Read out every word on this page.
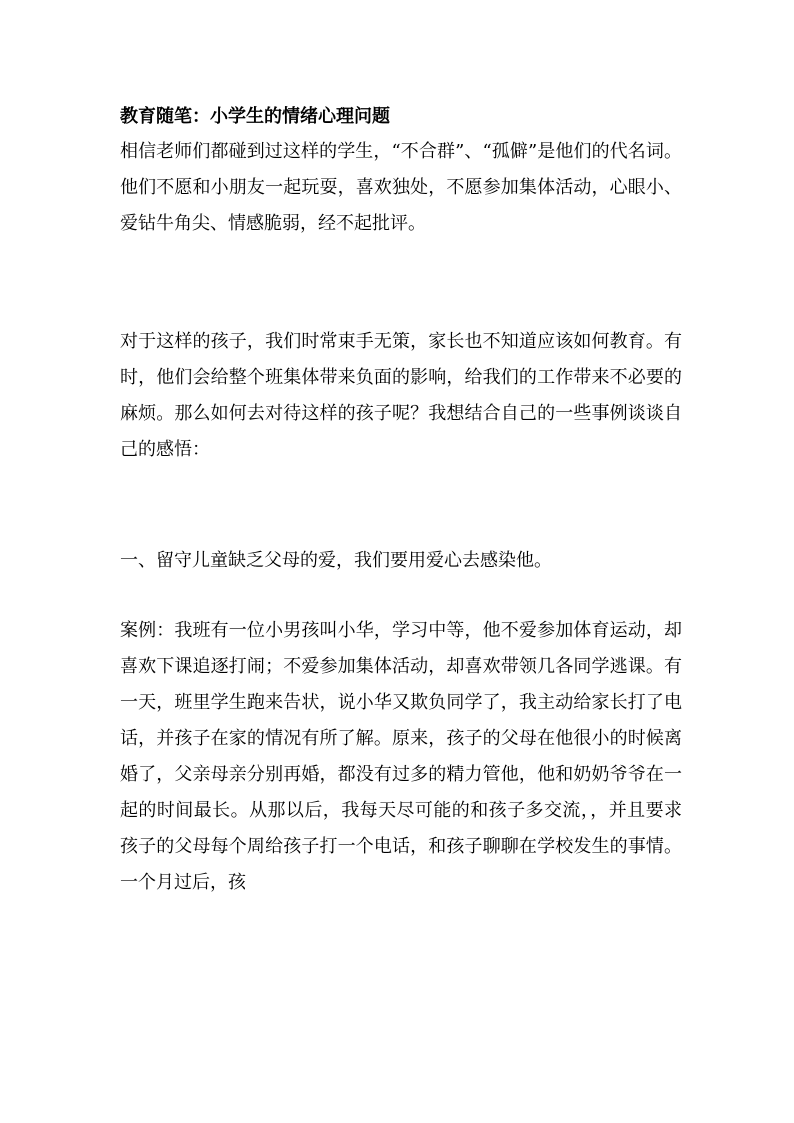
教育随笔：小学生的情绪心理问题

相信老师们都碰到过这样的学生，“不合群”、“孤僻”是他们的代名词。他们不愿和小朋友一起玩耍，喜欢独处，不愿参加集体活动，心眼小、爱钻牛角尖、情感脆弱，经不起批评。

对于这样的孩子，我们时常束手无策，家长也不知道应该如何教育。有时，他们会给整个班集体带来负面的影响，给我们的工作带来不必要的麻烦。那么如何去对待这样的孩子呢？我想结合自己的一些事例谈谈自己的感悟：

一、留守儿童缺乏父母的爱，我们要用爱心去感染他。

案例：我班有一位小男孩叫小华，学习中等，他不爱参加体育运动，却喜欢下课追逐打闹；不爱参加集体活动，却喜欢带领几各同学逃课。有一天，班里学生跑来告状，说小华又欺负同学了，我主动给家长打了电话，并孩子在家的情况有所了解。原来，孩子的父母在他很小的时候离婚了，父亲母亲分别再婚，都没有过多的精力管他，他和奶奶爷爷在一起的时间最长。从那以后，我每天尽可能的和孩子多交流，，并且要求孩子的父母每个周给孩子打一个电话，和孩子聊聊在学校发生的事情。一个月过后，孩
